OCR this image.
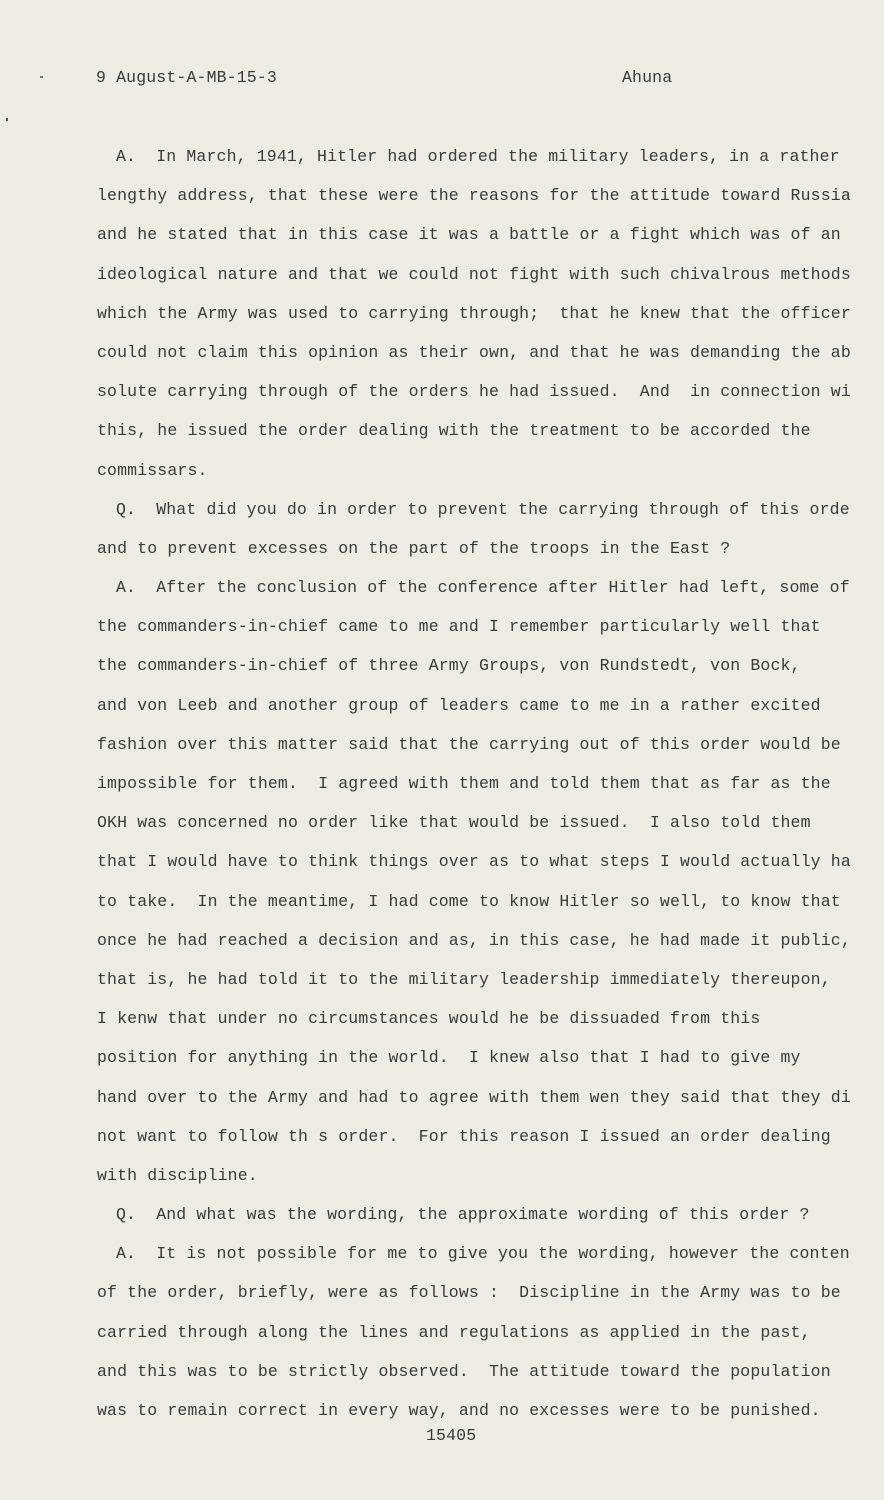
9 August-A-MB-15-3	Ahuna
A.  In March, 1941, Hitler had ordered the military leaders, in a rather
lengthy address, that these were the reasons for the attitude toward Russia
and he stated that in this case it was a battle or a fight which was of an
ideological nature and that we could not fight with such chivalrous methods
which the Army was used to carrying through;  that he knew that the officer
could not claim this opinion as their own, and that he was demanding the ab
solute carrying through of the orders he had issued.  And  in connection wi
this, he issued the order dealing with the treatment to be accorded the
commissars.
Q.  What did you do in order to prevent the carrying through of this orde
and to prevent excesses on the part of the troops in the East ?
A.  After the conclusion of the conference after Hitler had left, some of
the commanders-in-chief came to me and I remember particularly well that
the commanders-in-chief of three Army Groups, von Rundstedt, von Bock,
and von Leeb and another group of leaders came to me in a rather excited
fashion over this matter said that the carrying out of this order would be
impossible for them.  I agreed with them and told them that as far as the
OKH was concerned no order like that would be issued.  I also told them
that I would have to think things over as to what steps I would actually ha
to take.  In the meantime, I had come to know Hitler so well, to know that
once he had reached a decision and as, in this case, he had made it public,
that is, he had told it to the military leadership immediately thereupon,
I kenw that under no circumstances would he be dissuaded from this
position for anything in the world.  I knew also that I had to give my
hand over to the Army and had to agree with them wen they said that they di
not want to follow th s order.  For this reason I issued an order dealing
with discipline.
Q.  And what was the wording, the approximate wording of this order ?
A.  It is not possible for me to give you the wording, however the conten
of the order, briefly, were as follows :  Discipline in the Army was to be
carried through along the lines and regulations as applied in the past,
and this was to be strictly observed.  The attitude toward the population
was to remain correct in every way, and no excesses were to be punished.
15405
